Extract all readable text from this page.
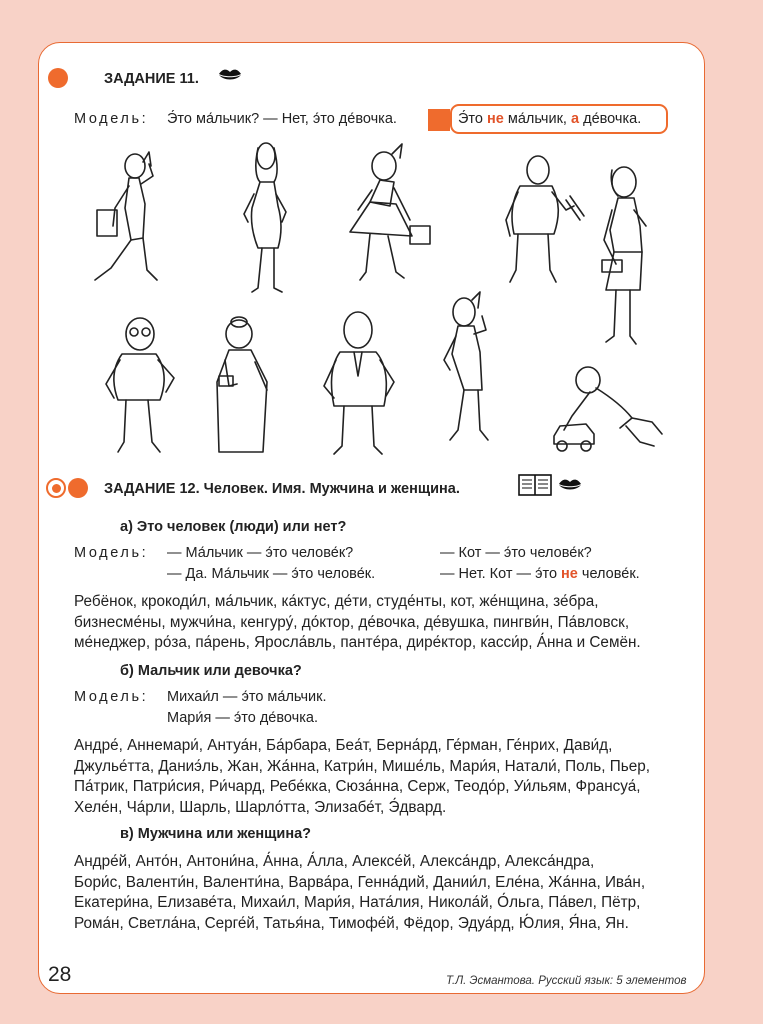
ЗАДАНИЕ 11.
Модель: Э́то ма́льчик? — Нет, э́то де́вочка.	Э́то не ма́льчик, а де́вочка.
ЗАДАНИЕ 12. Человек. Имя. Мужчина и женщина.
а) Это человек (люди) или нет?
Модель: — Ма́льчик — э́то челове́к?
— Да. Ма́льчик — э́то челове́к.
— Кот — э́то челове́к?
— Нет. Кот — э́то не челове́к.
Ребёнок, крокоди́л, ма́льчик, ка́ктус, де́ти, студе́нты, кот, же́нщина, зе́бра,
бизнесме́ны, мужчи́на, кенгуру́, до́ктор, де́вочка, де́вушка, пингви́н, Па́вловск,
ме́неджер, ро́за, па́рень, Яросла́вль, пантéра, дире́ктор, касси́р, А́нна и Семён.
б) Мальчик или девочка?
Модель: Михаи́л — э́то ма́льчик.
Мари́я — э́то де́вочка.
Андре́, Аннемари́, Антуа́н, Ба́рбара, Беа́т, Берна́рд, Ге́рман, Ге́нрих, Дави́д,
Джулье́тта, Даниэ́ль, Жан, Жа́нна, Катри́н, Мише́ль, Мари́я, Натали́, Поль, Пьер,
Па́трик, Патри́сия, Ри́чард, Ребе́кка, Сюза́нна, Серж, Теодо́р, Уи́льям, Франсуа́,
Хеле́н, Ча́рли, Шарль, Шарло́тта, Элизабе́т, Э́двард.
в) Мужчина или женщина?
Андре́й, Анто́н, Антони́на, А́нна, А́лла, Алексе́й, Алекса́ндр, Алекса́ндра,
Бори́с, Валенти́н, Валенти́на, Варва́ра, Генна́дий, Дании́л, Еле́на, Жа́нна, Ива́н,
Екатери́на, Елизаве́та, Михаи́л, Мари́я, Ната́лия, Никола́й, О́льга, Па́вел, Пётр,
Рома́н, Светла́на, Серге́й, Татья́на, Тимофе́й, Фёдор, Эдуа́рд, Ю́лия, Я́на, Ян.
28	Т.Л. Эсмантова. Русский язык: 5 элементов
